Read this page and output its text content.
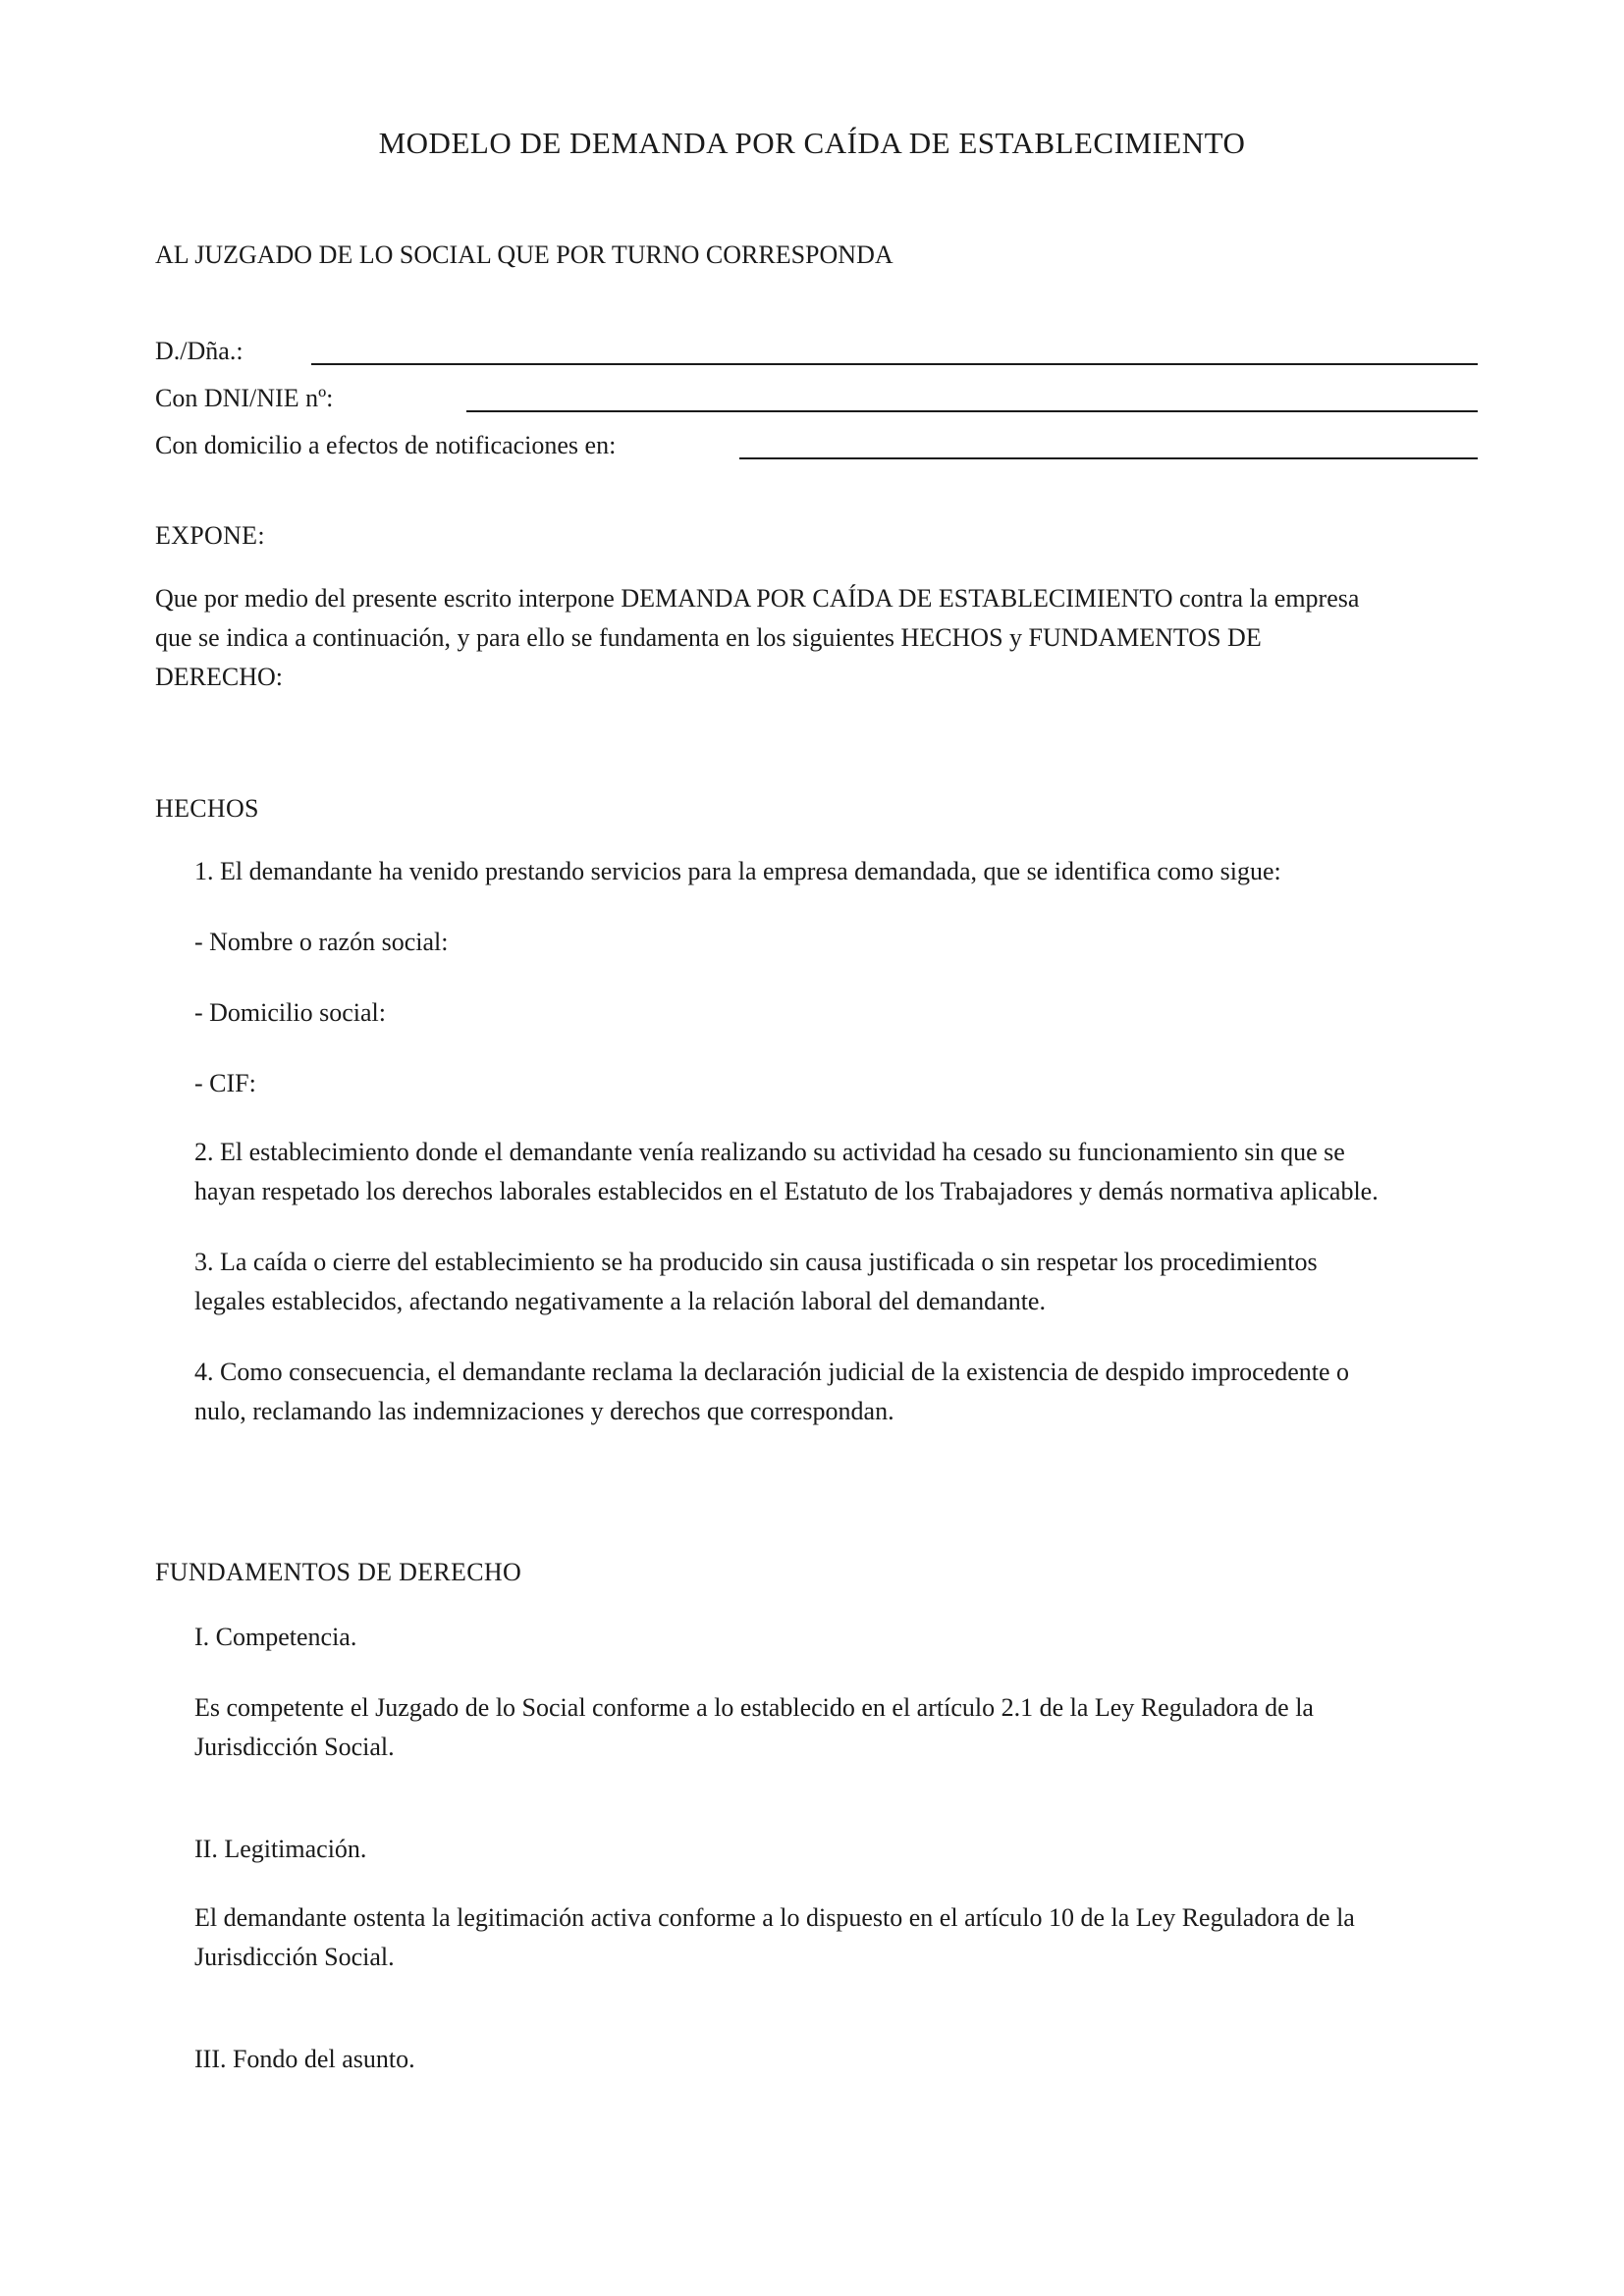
MODELO DE DEMANDA POR CAÍDA DE ESTABLECIMIENTO
AL JUZGADO DE LO SOCIAL QUE POR TURNO CORRESPONDA
D./Dña.:
Con DNI/NIE nº:
Con domicilio a efectos de notificaciones en:
EXPONE:
Que por medio del presente escrito interpone DEMANDA POR CAÍDA DE ESTABLECIMIENTO contra la empresa
que se indica a continuación, y para ello se fundamenta en los siguientes HECHOS y FUNDAMENTOS DE
DERECHO:
HECHOS
1. El demandante ha venido prestando servicios para la empresa demandada, que se identifica como sigue:
- Nombre o razón social:
- Domicilio social:
- CIF:
2. El establecimiento donde el demandante venía realizando su actividad ha cesado su funcionamiento sin que se
hayan respetado los derechos laborales establecidos en el Estatuto de los Trabajadores y demás normativa aplicable.
3. La caída o cierre del establecimiento se ha producido sin causa justificada o sin respetar los procedimientos
legales establecidos, afectando negativamente a la relación laboral del demandante.
4. Como consecuencia, el demandante reclama la declaración judicial de la existencia de despido improcedente o
nulo, reclamando las indemnizaciones y derechos que correspondan.
FUNDAMENTOS DE DERECHO
I. Competencia.
Es competente el Juzgado de lo Social conforme a lo establecido en el artículo 2.1 de la Ley Reguladora de la
Jurisdicción Social.
II. Legitimación.
El demandante ostenta la legitimación activa conforme a lo dispuesto en el artículo 10 de la Ley Reguladora de la
Jurisdicción Social.
III. Fondo del asunto.
